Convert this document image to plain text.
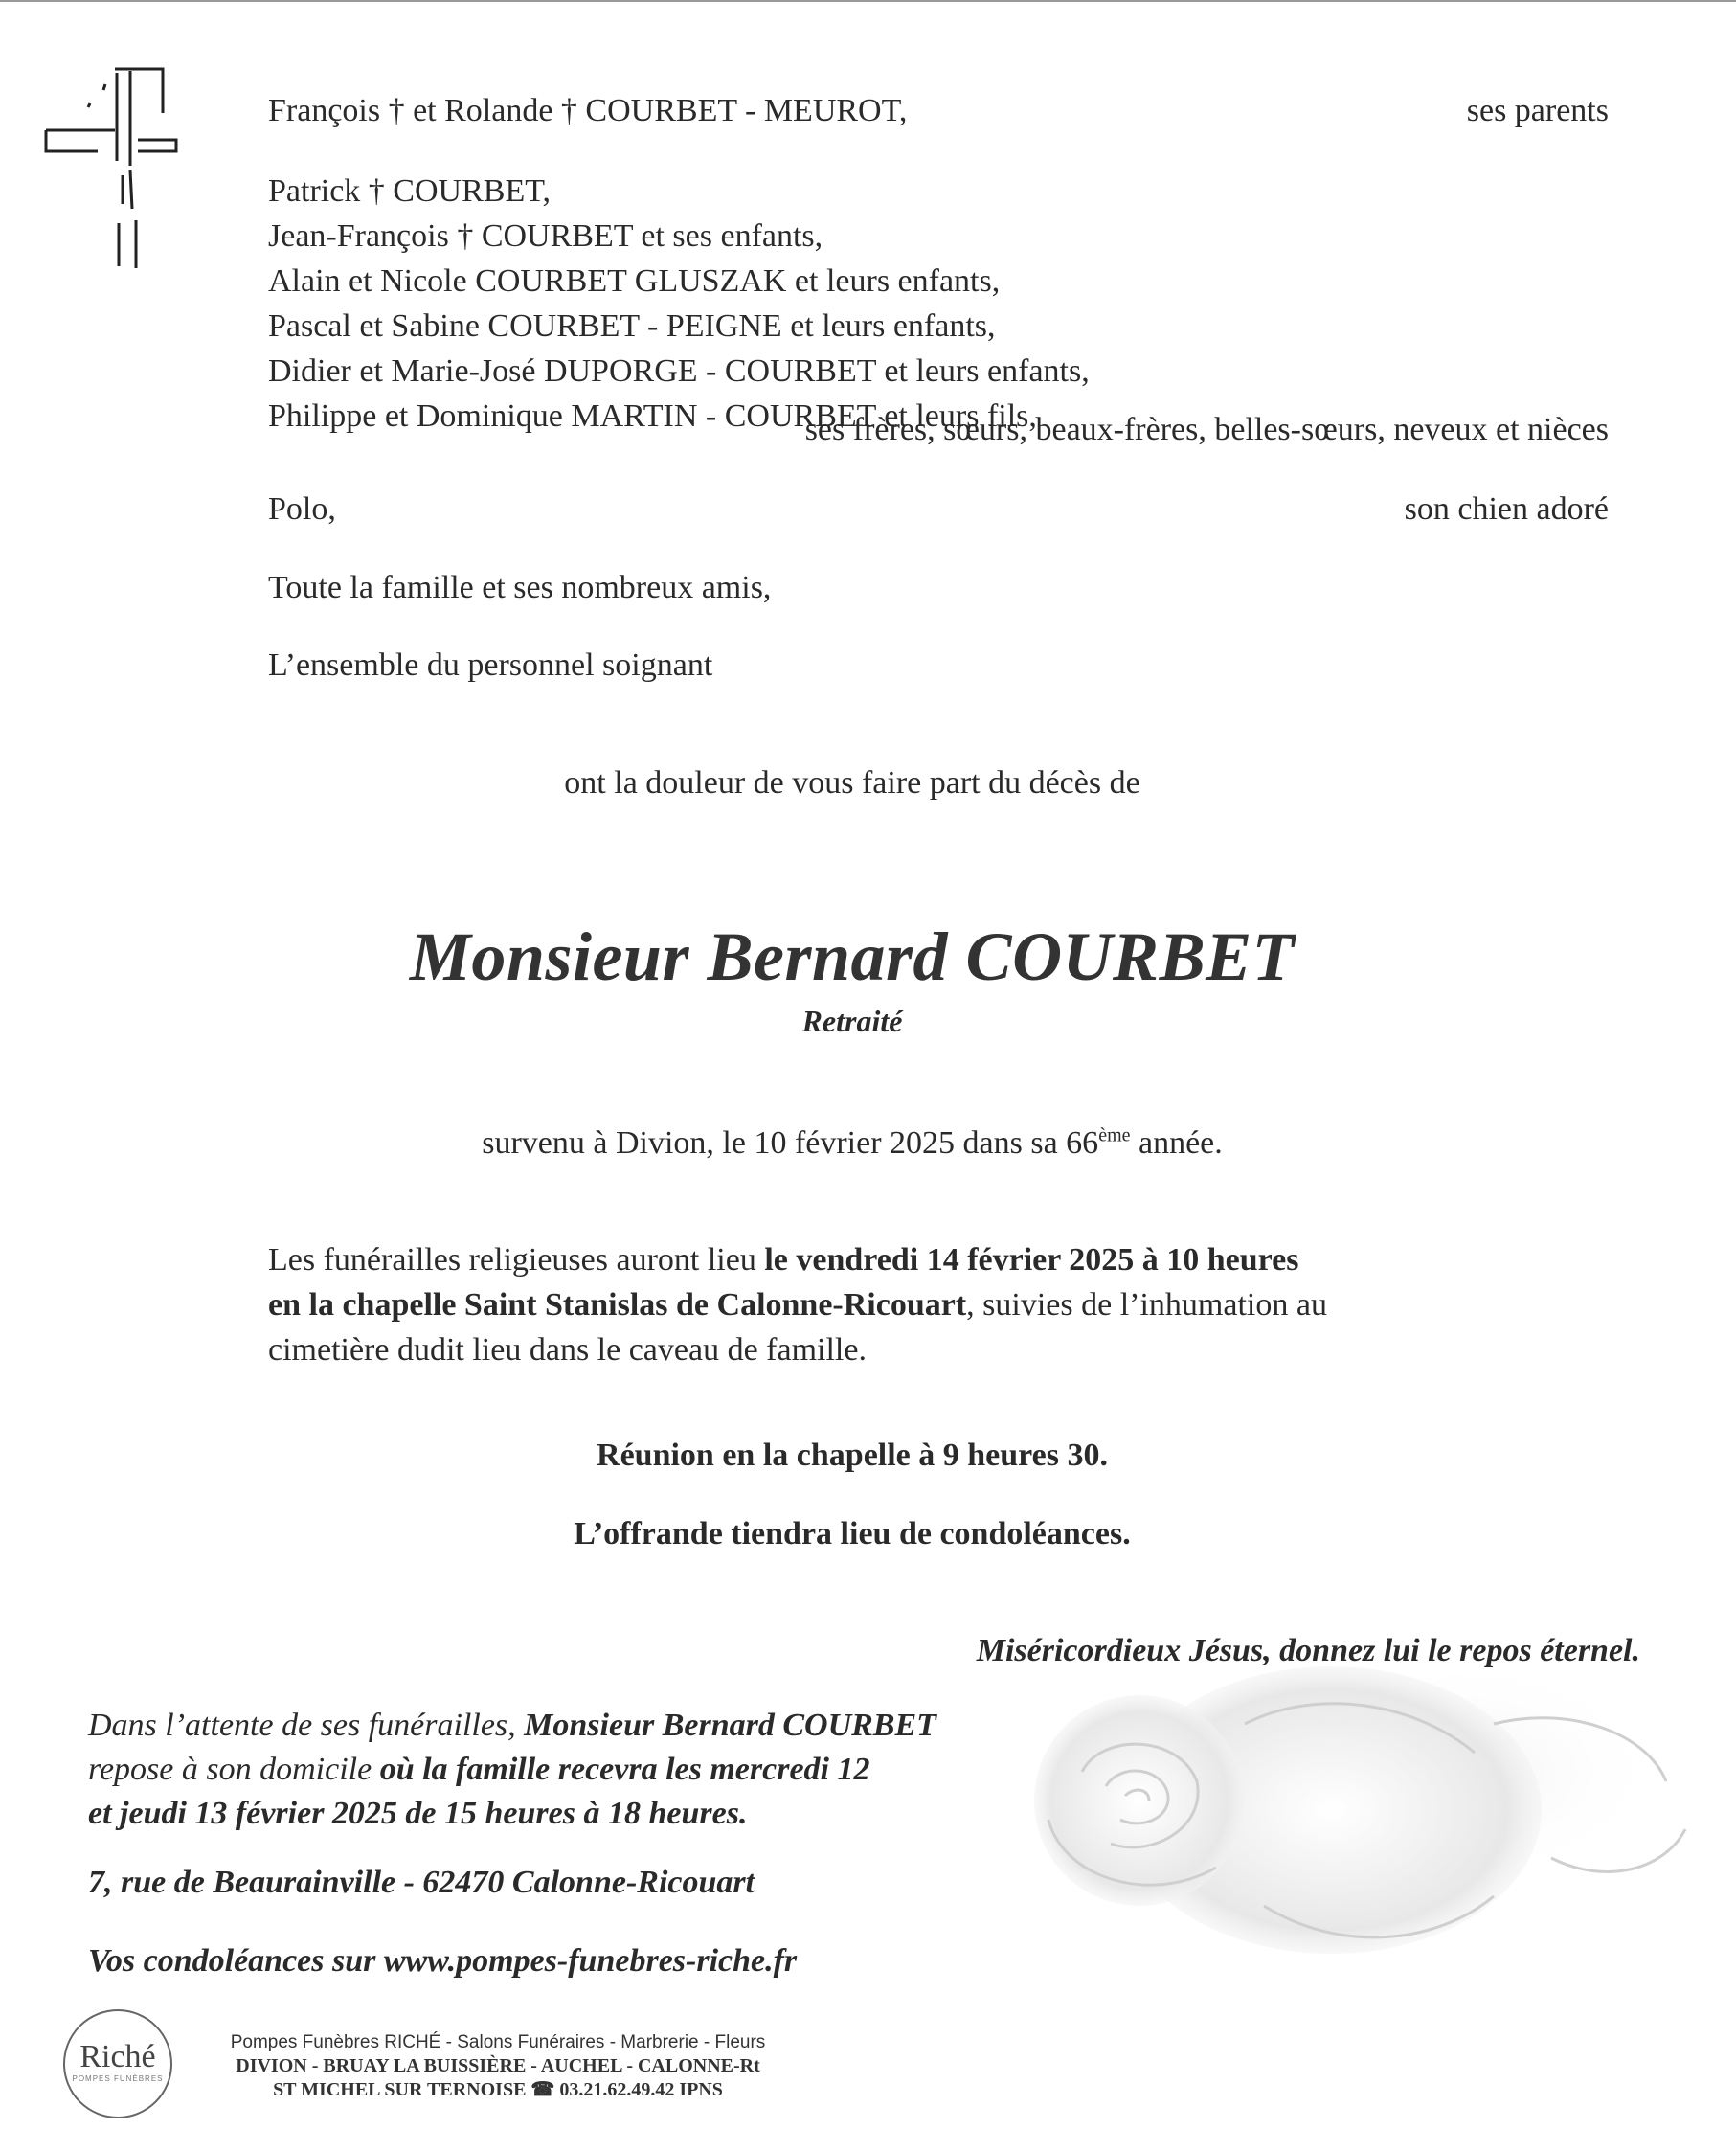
François † et Rolande † COURBET - MEUROT,	ses parents
Patrick † COURBET,
Jean-François † COURBET et ses enfants,
Alain et Nicole COURBET GLUSZAK et leurs enfants,
Pascal et Sabine COURBET - PEIGNE et leurs enfants,
Didier et Marie-José DUPORGE - COURBET et leurs enfants,
Philippe et Dominique MARTIN - COURBET et leurs fils,
ses frères, sœurs, beaux-frères, belles-sœurs, neveux et nièces
Polo,	son chien adoré
Toute la famille et ses nombreux amis,
L’ensemble du personnel soignant
ont la douleur de vous faire part du décès de
Monsieur Bernard COURBET
Retraité
survenu à Divion, le 10 février 2025 dans sa 66ème année.
Les funérailles religieuses auront lieu le vendredi 14 février 2025 à 10 heures
en la chapelle Saint Stanislas de Calonne-Ricouart, suivies de l’inhumation au
cimetière dudit lieu dans le caveau de famille.
Réunion en la chapelle à 9 heures 30.
L’offrande tiendra lieu de condoléances.
Miséricordieux Jésus, donnez lui le repos éternel.
Dans l’attente de ses funérailles, Monsieur Bernard COURBET
repose à son domicile où la famille recevra les mercredi 12
et jeudi 13 février 2025 de 15 heures à 18 heures.
7, rue de Beaurainville - 62470 Calonne-Ricouart
Vos condoléances sur www.pompes-funebres-riche.fr
Riché
POMPES FUNÈBRES
Pompes Funèbres RICHÉ - Salons Funéraires - Marbrerie - Fleurs
DIVION - BRUAY LA BUISSIÈRE - AUCHEL - CALONNE-Rt
ST MICHEL SUR TERNOISE ☎ 03.21.62.49.42 IPNS
